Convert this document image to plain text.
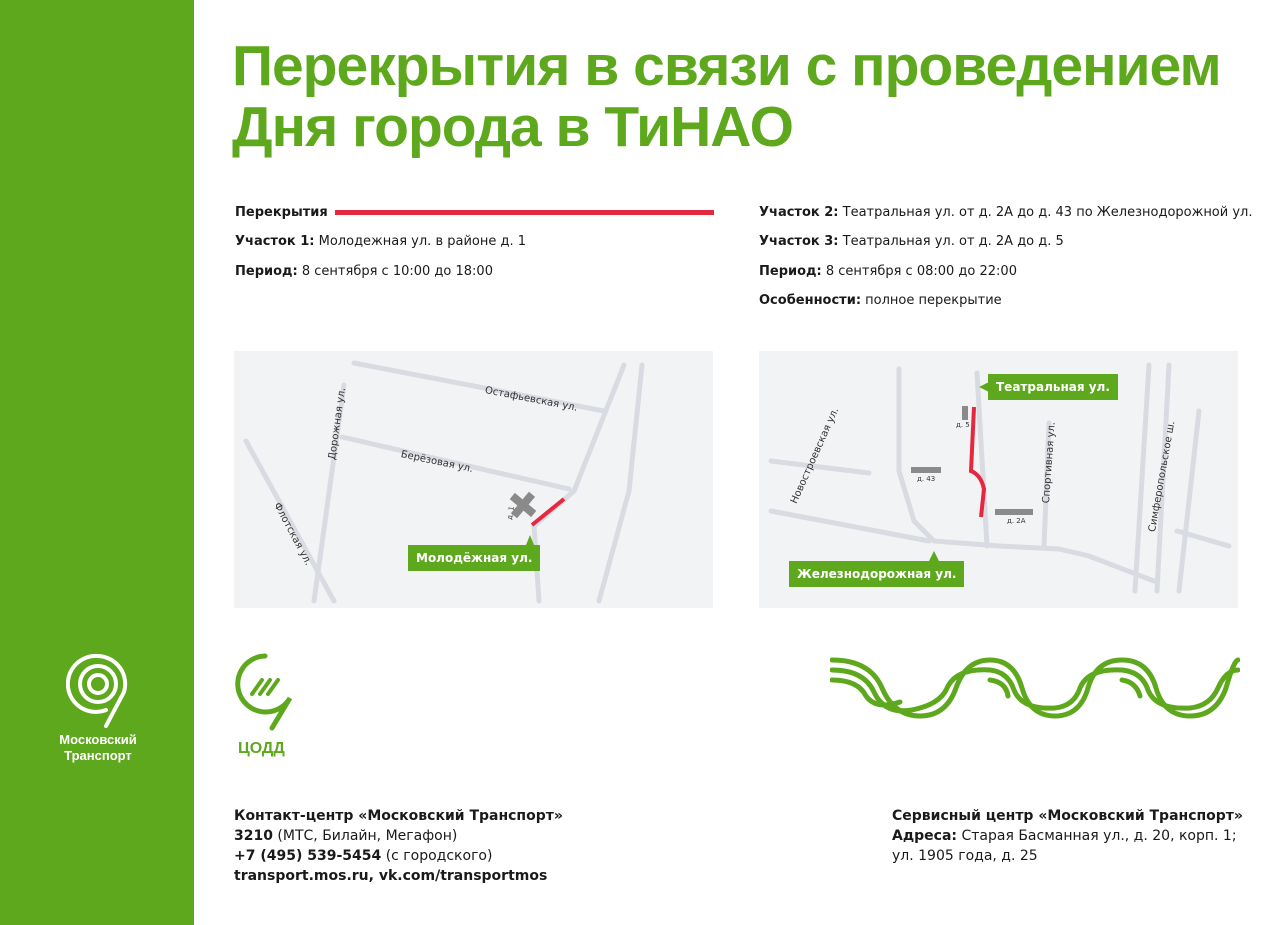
Московский
Транспорт
Перекрытия в связи с проведением
Дня города в ТиНАО
Перекрытия
Участок 1: Молодежная ул. в районе д. 1
Период: 8 сентября с 10:00 до 18:00
Участок 2: Театральная ул. от д. 2А до д. 43 по Железнодорожной ул.
Участок 3: Театральная ул. от д. 2А до д. 5
Период: 8 сентября с 08:00 до 22:00
Особенности: полное перекрытие
Остафьевская ул.
Дорожная ул.
Берёзовая ул.
Флотская ул.	д. 1
Молодёжная ул.
Новостроевская ул.	Спортивная ул.	Симферопольское ш.
д. 5
д. 43
д. 2А
Театральная ул.
Железнодорожная ул.
ЦОДД
Контакт-центр «Московский Транспорт»
3210 (МТС, Билайн, Мегафон)
+7 (495) 539-5454 (с городского)
transport.mos.ru, vk.com/transportmos
Сервисный центр «Московский Транспорт»
Адреса: Старая Басманная ул., д. 20, корп. 1;
ул. 1905 года, д. 25
